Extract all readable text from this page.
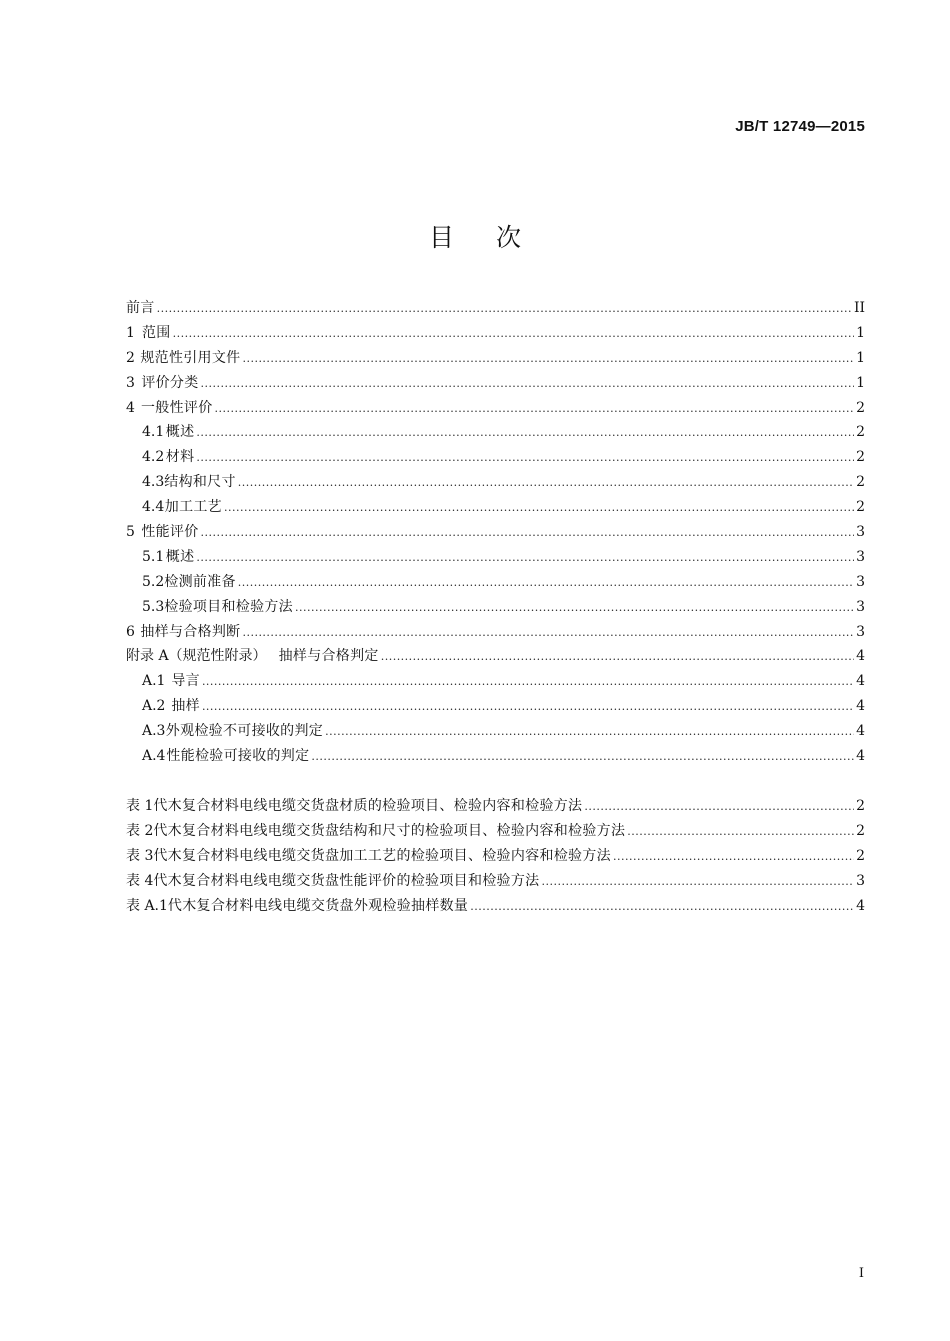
JB/T 12749—2015
目次
前言 .....	II
1 范围 .....	1
2 规范性引用文件 .....	1
3 评价分类 .....	1
4 一般性评价 .....	2
4.1 概述 .....	2
4.2 材料 .....	2
4.3 结构和尺寸 .....	2
4.4 加工工艺 .....	2
5 性能评价 .....	3
5.1 概述 .....	3
5.2 检测前准备 .....	3
5.3 检验项目和检验方法 .....	3
6 抽样与合格判断 .....	3
附录 A（规范性附录） 抽样与合格判定 .....	4
A.1 导言 .....	4
A.2 抽样 .....	4
A.3 外观检验不可接收的判定 .....	4
A.4 性能检验可接收的判定 .....	4
表 1 代木复合材料电线电缆交货盘材质的检验项目、检验内容和检验方法 .....	2
表 2 代木复合材料电线电缆交货盘结构和尺寸的检验项目、检验内容和检验方法 .....	2
表 3 代木复合材料电线电缆交货盘加工工艺的检验项目、检验内容和检验方法 .....	2
表 4 代木复合材料电线电缆交货盘性能评价的检验项目和检验方法 .....	3
表 A.1 代木复合材料电线电缆交货盘外观检验抽样数量 .....	4
I
